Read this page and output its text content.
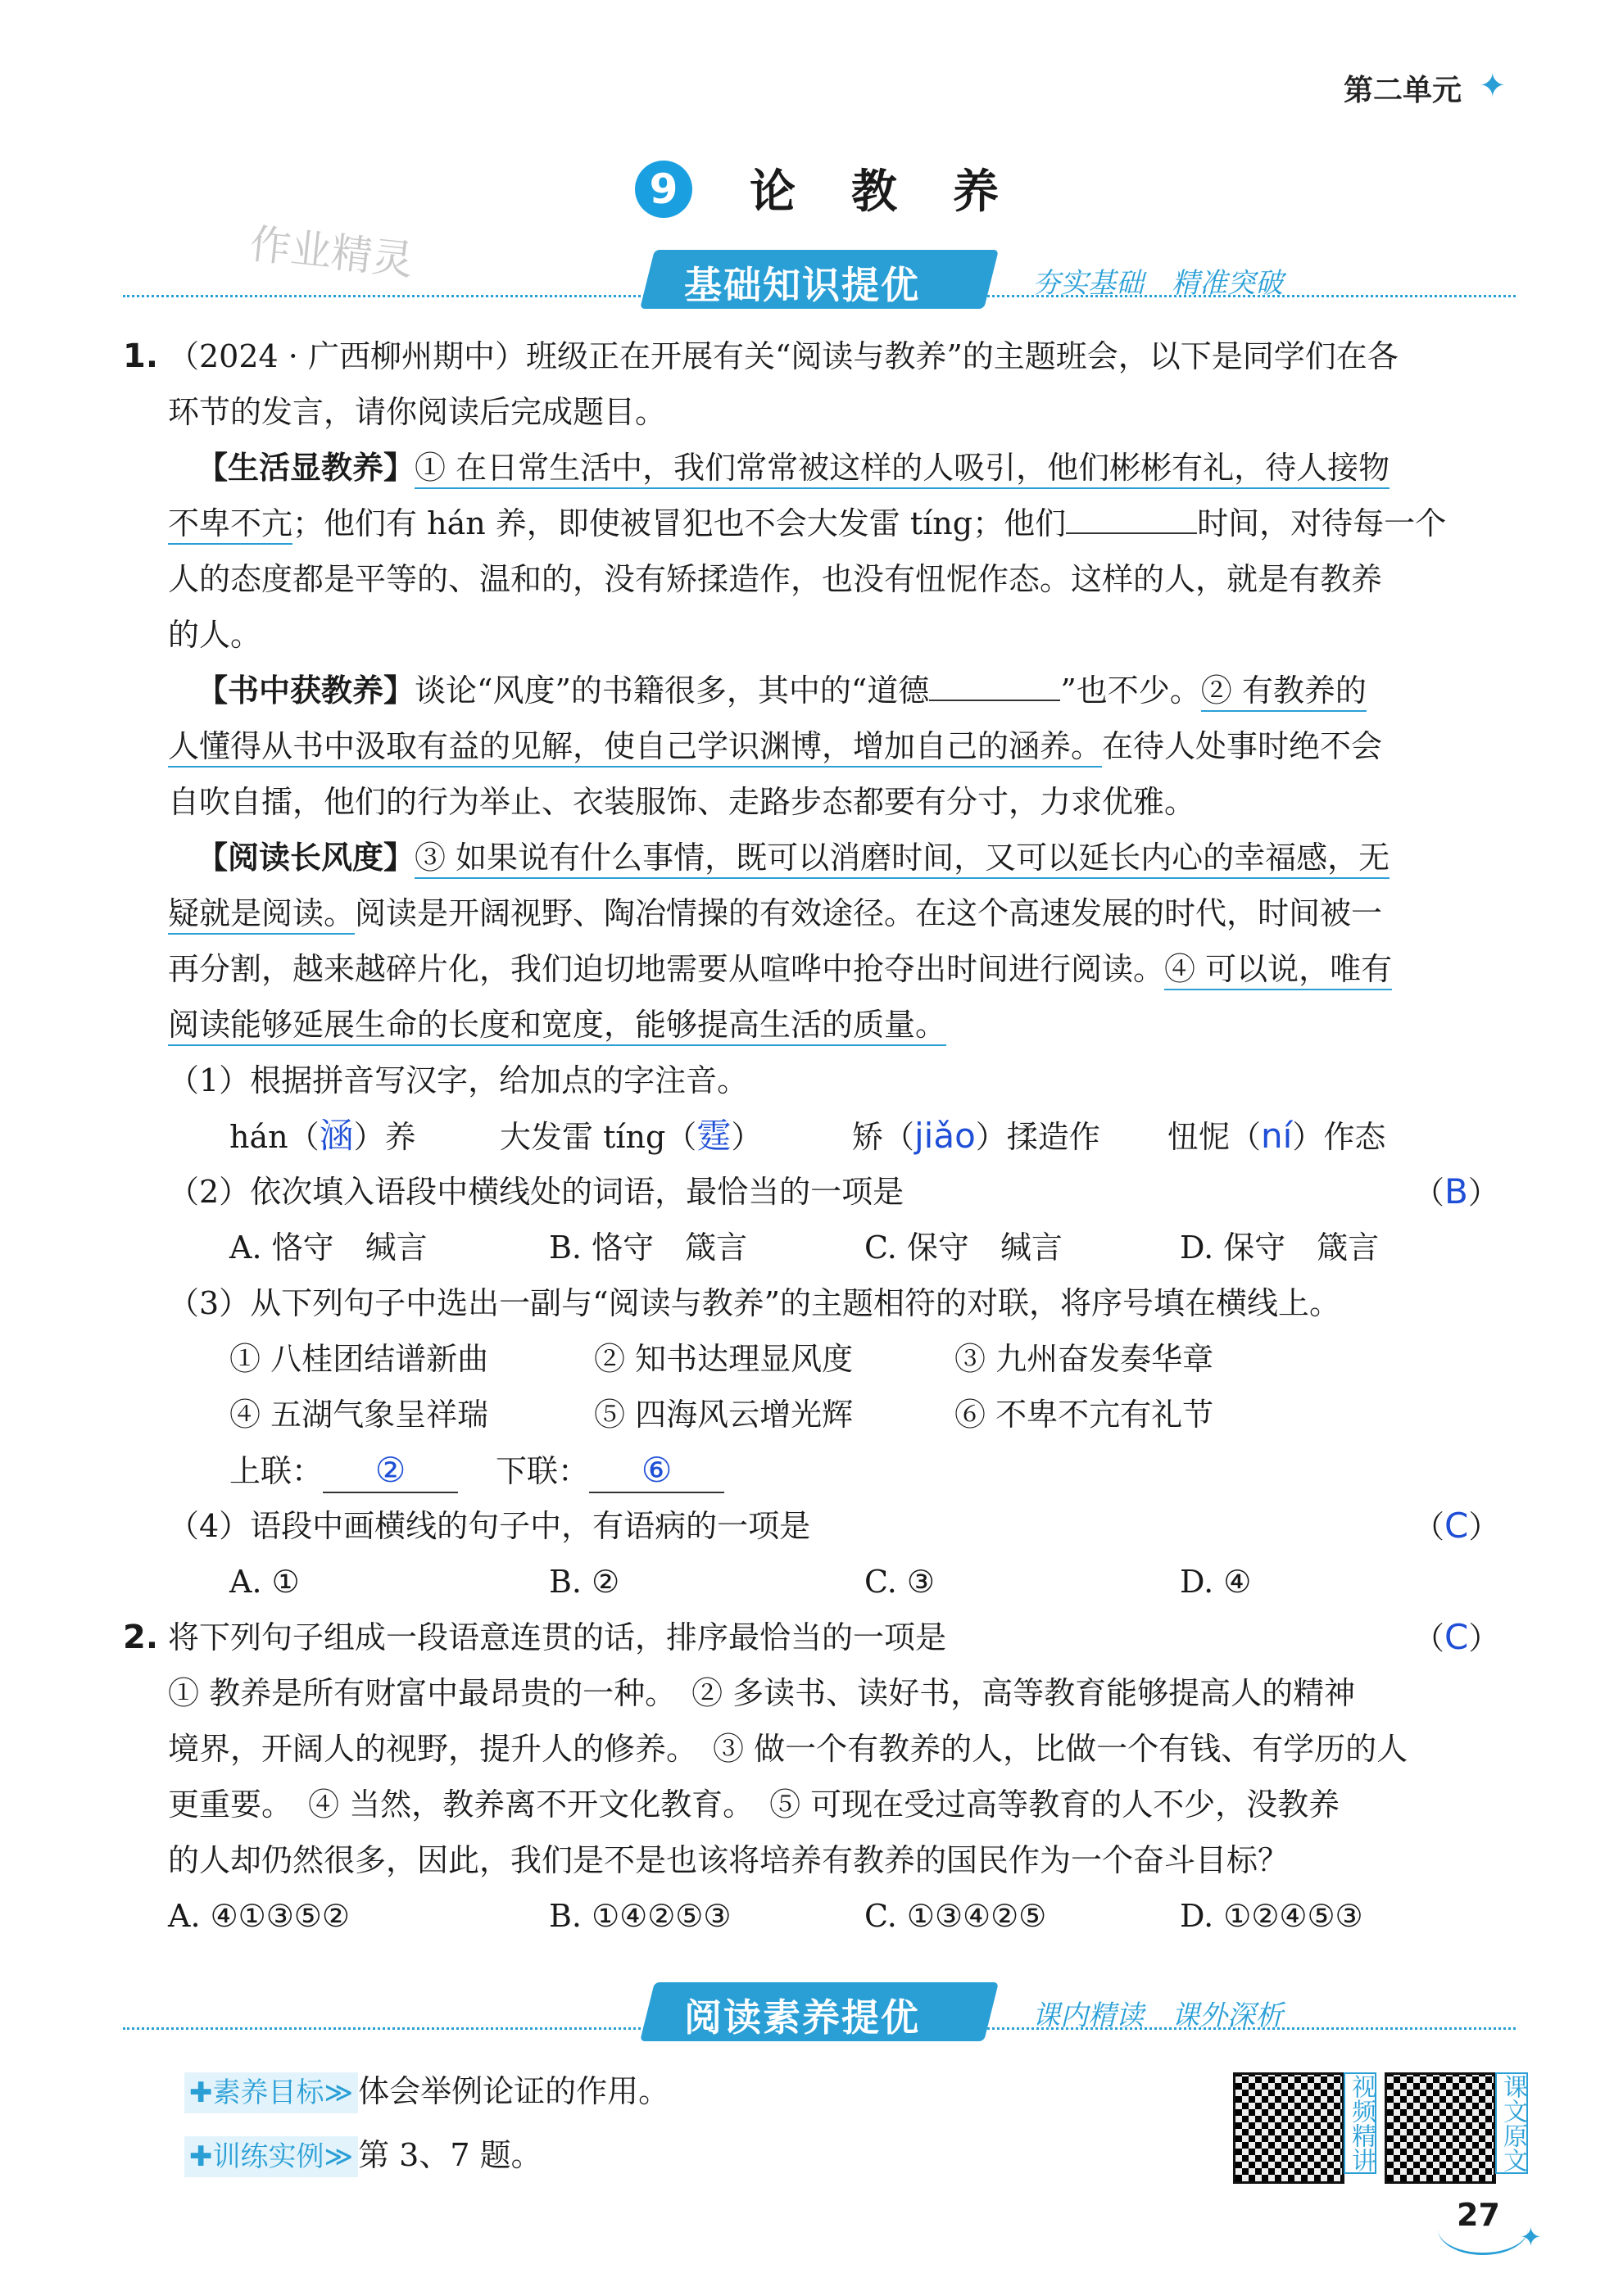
第二单元 ✦
9	论　教　养
作业精灵
基础知识提优	夯实基础　精准突破
1. （2024 · 广西柳州期中）班级正在开展有关“阅读与教养”的主题班会，以下是同学们在各
环节的发言，请你阅读后完成题目。
【生活显教养】① 在日常生活中，我们常常被这样的人吸引，他们彬彬有礼，待人接物
不卑不亢；他们有 hán 养，即使被冒犯也不会大发雷 tíng；他们	时间，对待每一个
人的态度都是平等的、温和的，没有矫揉造作，也没有忸怩作态。这样的人，就是有教养
的人。
【书中获教养】谈论“风度”的书籍很多，其中的“道德	”也不少。② 有教养的
人懂得从书中汲取有益的见解，使自己学识渊博，增加自己的涵养。在待人处事时绝不会
自吹自擂，他们的行为举止、衣装服饰、走路步态都要有分寸，力求优雅。
【阅读长风度】③ 如果说有什么事情，既可以消磨时间，又可以延长内心的幸福感，无
疑就是阅读。阅读是开阔视野、陶冶情操的有效途径。在这个高速发展的时代，时间被一
再分割，越来越碎片化，我们迫切地需要从喧哗中抢夺出时间进行阅读。④ 可以说，唯有
阅读能够延展生命的长度和宽度，能够提高生活的质量。
（1）根据拼音写汉字，给加点的字注音。
hán（涵）养	大发雷 tíng（霆）	矫（jiǎo）揉造作 忸怩（ní）作态
（2）依次填入语段中横线处的词语，最恰当的一项是	（B）
A. 恪守　缄言	B. 恪守　箴言	C. 保守　缄言	D. 保守　箴言
（3）从下列句子中选出一副与“阅读与教养”的主题相符的对联，将序号填在横线上。
① 八桂团结谱新曲	② 知书达理显风度	③ 九州奋发奏华章
④ 五湖气象呈祥瑞	⑤ 四海风云增光辉	⑥ 不卑不亢有礼节
上联： ②	下联： ⑥
（4）语段中画横线的句子中，有语病的一项是	（C）
A. ①	B. ②	C. ③	D. ④
2. 将下列句子组成一段语意连贯的话，排序最恰当的一项是	（C）
① 教养是所有财富中最昂贵的一种。　② 多读书、读好书，高等教育能够提高人的精神
境界，开阔人的视野，提升人的修养。　③ 做一个有教养的人，比做一个有钱、有学历的人
更重要。　④ 当然，教养离不开文化教育。　⑤ 可现在受过高等教育的人不少，没教养
的人却仍然很多，因此，我们是不是也该将培养有教养的国民作为一个奋斗目标？
A. ④①③⑤②	B. ①④②⑤③	C. ①③④②⑤	D. ①②④⑤③
阅读素养提优	课内精读　课外深析
✚素养目标≫ 体会举例论证的作用。
✚训练实例≫ 第 3、7 题。	视频精讲	课文原文
27
✦
